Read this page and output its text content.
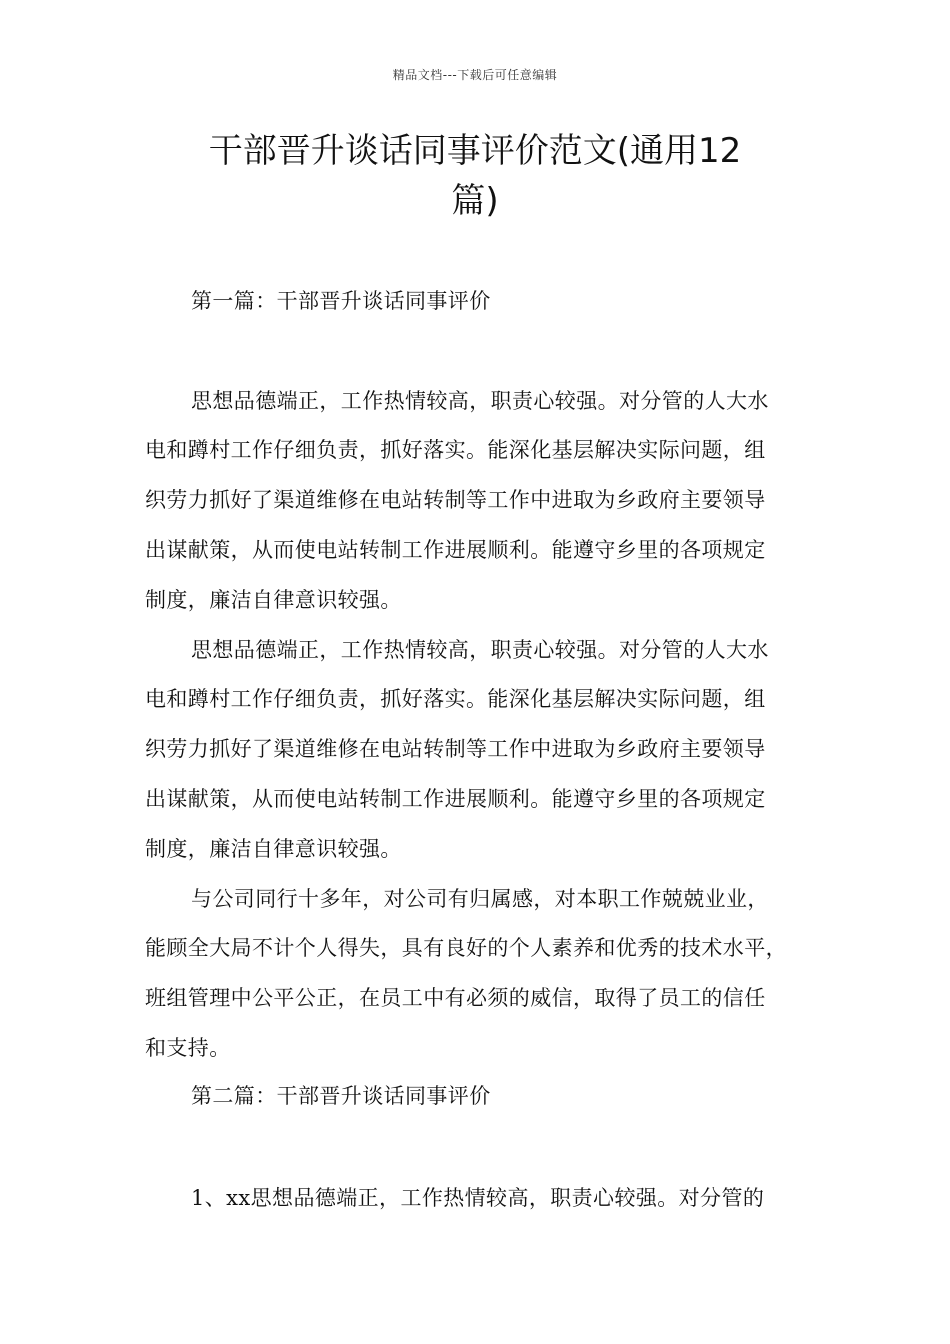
精品文档---下载后可任意编辑
干部晋升谈话同事评价范文(通用12
篇)
第一篇：干部晋升谈话同事评价
思想品德端正，工作热情较高，职责心较强。对分管的人大水
电和蹲村工作仔细负责，抓好落实。能深化基层解决实际问题，组
织劳力抓好了渠道维修在电站转制等工作中进取为乡政府主要领导
出谋献策，从而使电站转制工作进展顺利。能遵守乡里的各项规定
制度，廉洁自律意识较强。
思想品德端正，工作热情较高，职责心较强。对分管的人大水
电和蹲村工作仔细负责，抓好落实。能深化基层解决实际问题，组
织劳力抓好了渠道维修在电站转制等工作中进取为乡政府主要领导
出谋献策，从而使电站转制工作进展顺利。能遵守乡里的各项规定
制度，廉洁自律意识较强。
与公司同行十多年，对公司有归属感，对本职工作兢兢业业，
能顾全大局不计个人得失，具有良好的个人素养和优秀的技术水平，
班组管理中公平公正，在员工中有必须的威信，取得了员工的信任
和支持。
第二篇：干部晋升谈话同事评价
1、xx思想品德端正，工作热情较高，职责心较强。对分管的
